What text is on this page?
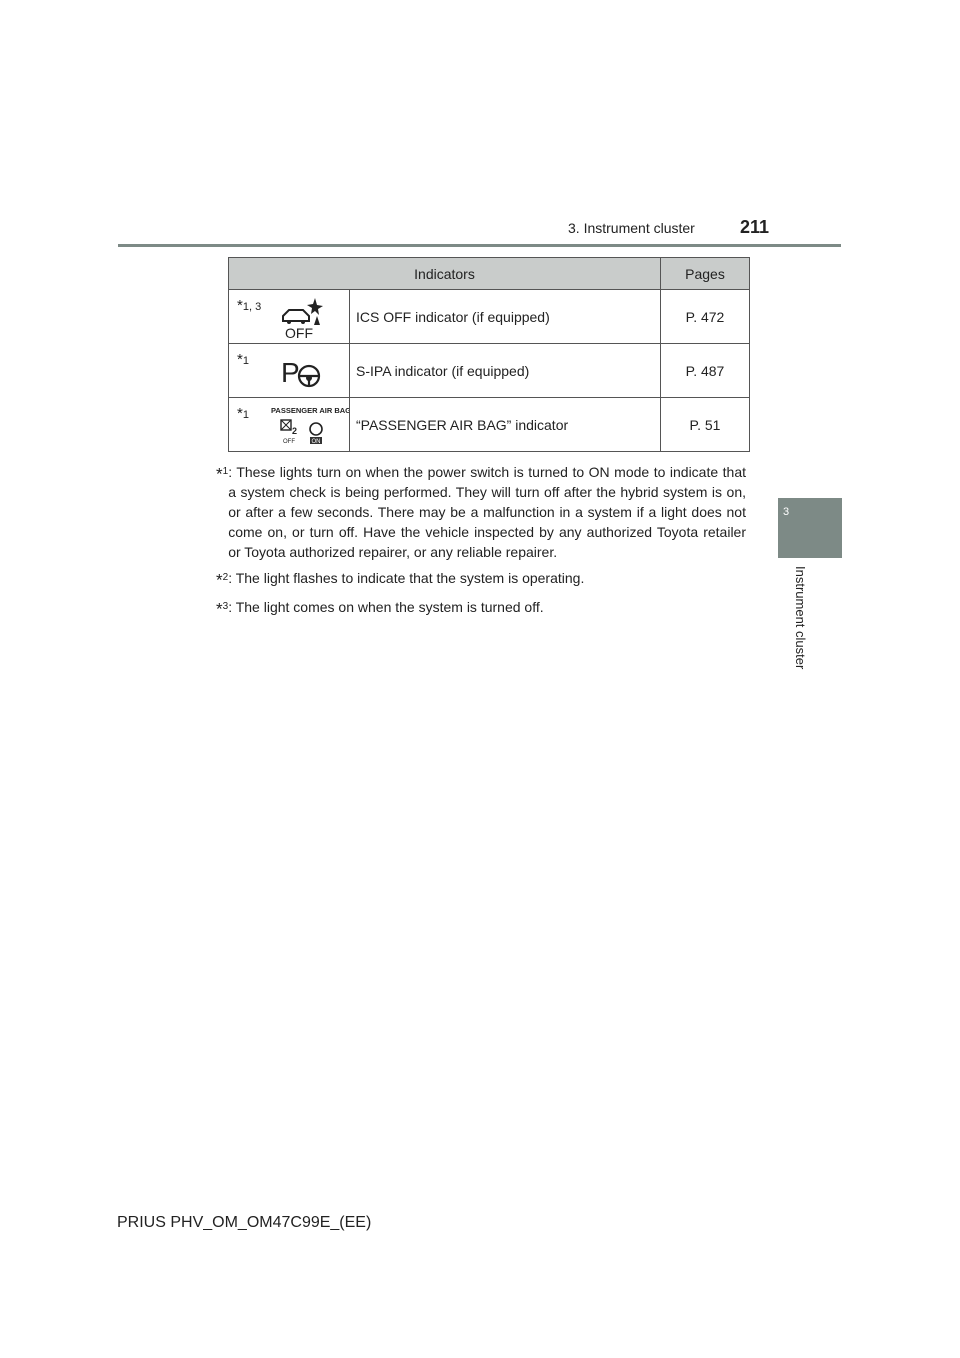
3. Instrument cluster	211
3
Instrument cluster
Indicators		Pages

*1, 3
OFF	ICS OFF indicator (if equipped)	P. 472

*1 P	S-IPA indicator (if equipped)	P. 487

*1 PASSENGER AIR BAG
2
OFF ON	“PASSENGER AIR BAG” indicator	P. 51
*$^1$ : These lights turn on when the power switch is turned to ON mode to indicate that a system check is being performed. They will turn off after the hybrid system is on, or after a few seconds. There may be a malfunction in a system if a light does not come on, or turn off. Have the vehicle inspected by any authorized Toyota retailer or Toyota authorized repairer, or any reliable repairer.
*$^2$ : The light flashes to indicate that the system is operating.
*$^3$ : The light comes on when the system is turned off.
PRIUS PHV_OM_OM47C99E_(EE)
